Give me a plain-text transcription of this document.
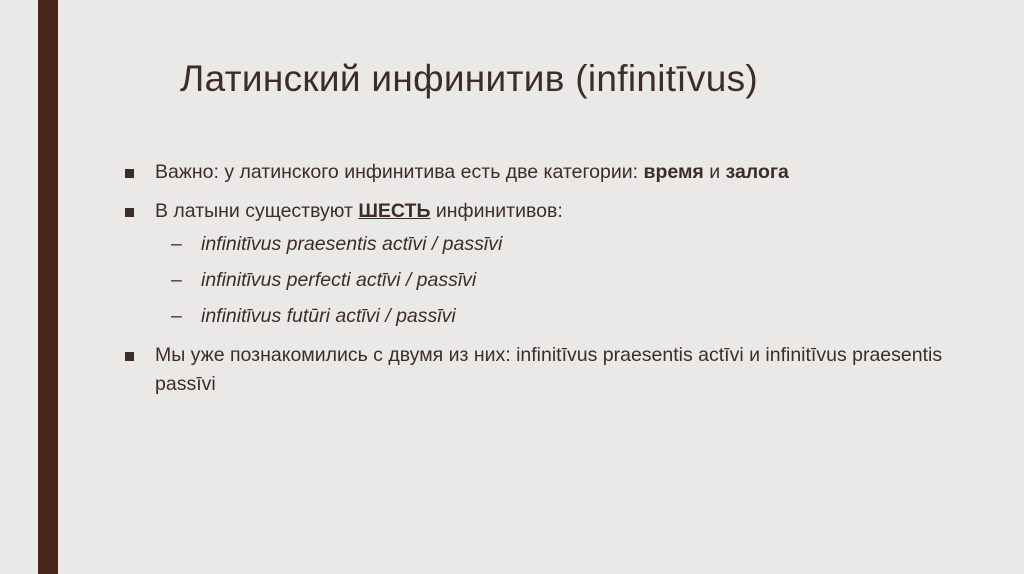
Латинский инфинитив (infinitīvus)
Важно: у латинского инфинитива есть две категории: время и залога
В латыни существуют ШЕСТЬ инфинитивов:
– infinitīvus praesentis actīvi / passīvi
– infinitīvus perfecti actīvi / passīvi
– infinitīvus futūri actīvi / passīvi
Мы уже познакомились с двумя из них: infinitīvus praesentis actīvi и infinitīvus praesentis passīvi
